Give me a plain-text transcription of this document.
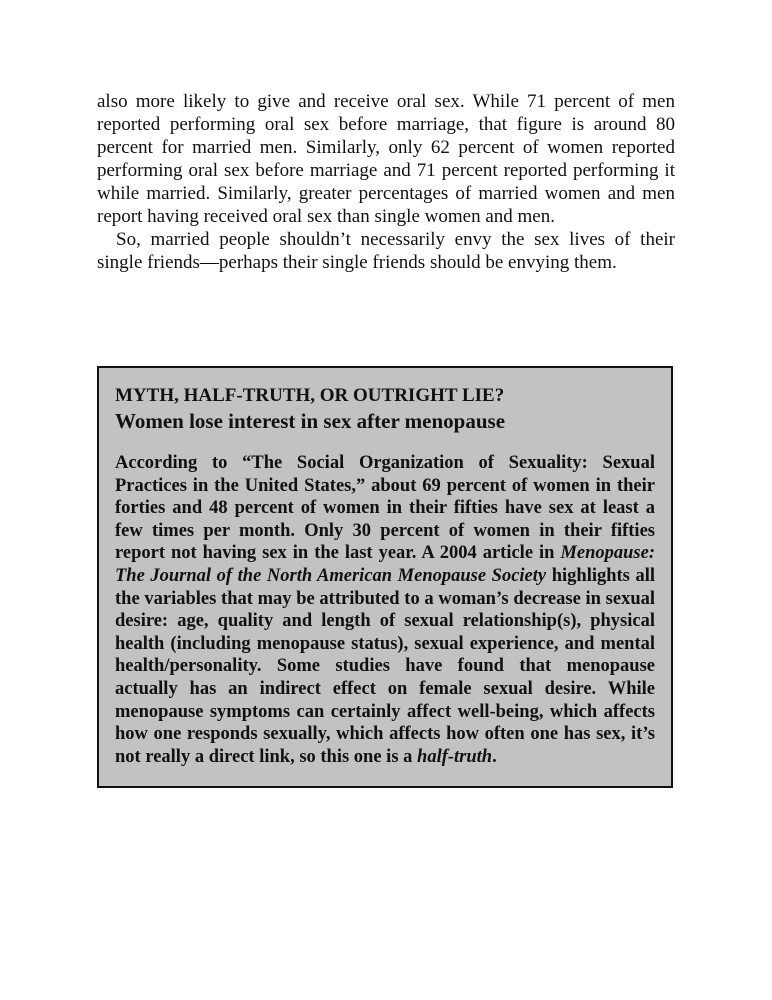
also more likely to give and receive oral sex. While 71 percent of men reported performing oral sex before marriage, that figure is around 80 percent for married men. Similarly, only 62 percent of women reported performing oral sex before marriage and 71 percent reported performing it while married. Similarly, greater percentages of married women and men report having received oral sex than single women and men.

So, married people shouldn’t necessarily envy the sex lives of their single friends—perhaps their single friends should be envying them.

MYTH, HALF-TRUTH, OR OUTRIGHT LIE?

Women lose interest in sex after menopause

According to “The Social Organization of Sexuality: Sexual Practices in the United States,” about 69 percent of women in their forties and 48 percent of women in their fifties have sex at least a few times per month. Only 30 percent of women in their fifties report not having sex in the last year. A 2004 article in Menopause: The Journal of the North American Menopause Society highlights all the variables that may be attributed to a woman’s decrease in sexual desire: age, quality and length of sexual relationship(s), physical health (including menopause status), sexual experience, and mental health/personality. Some studies have found that menopause actually has an indirect effect on female sexual desire. While menopause symptoms can certainly affect well-being, which affects how one responds sexually, which affects how often one has sex, it’s not really a direct link, so this one is a half-truth.
